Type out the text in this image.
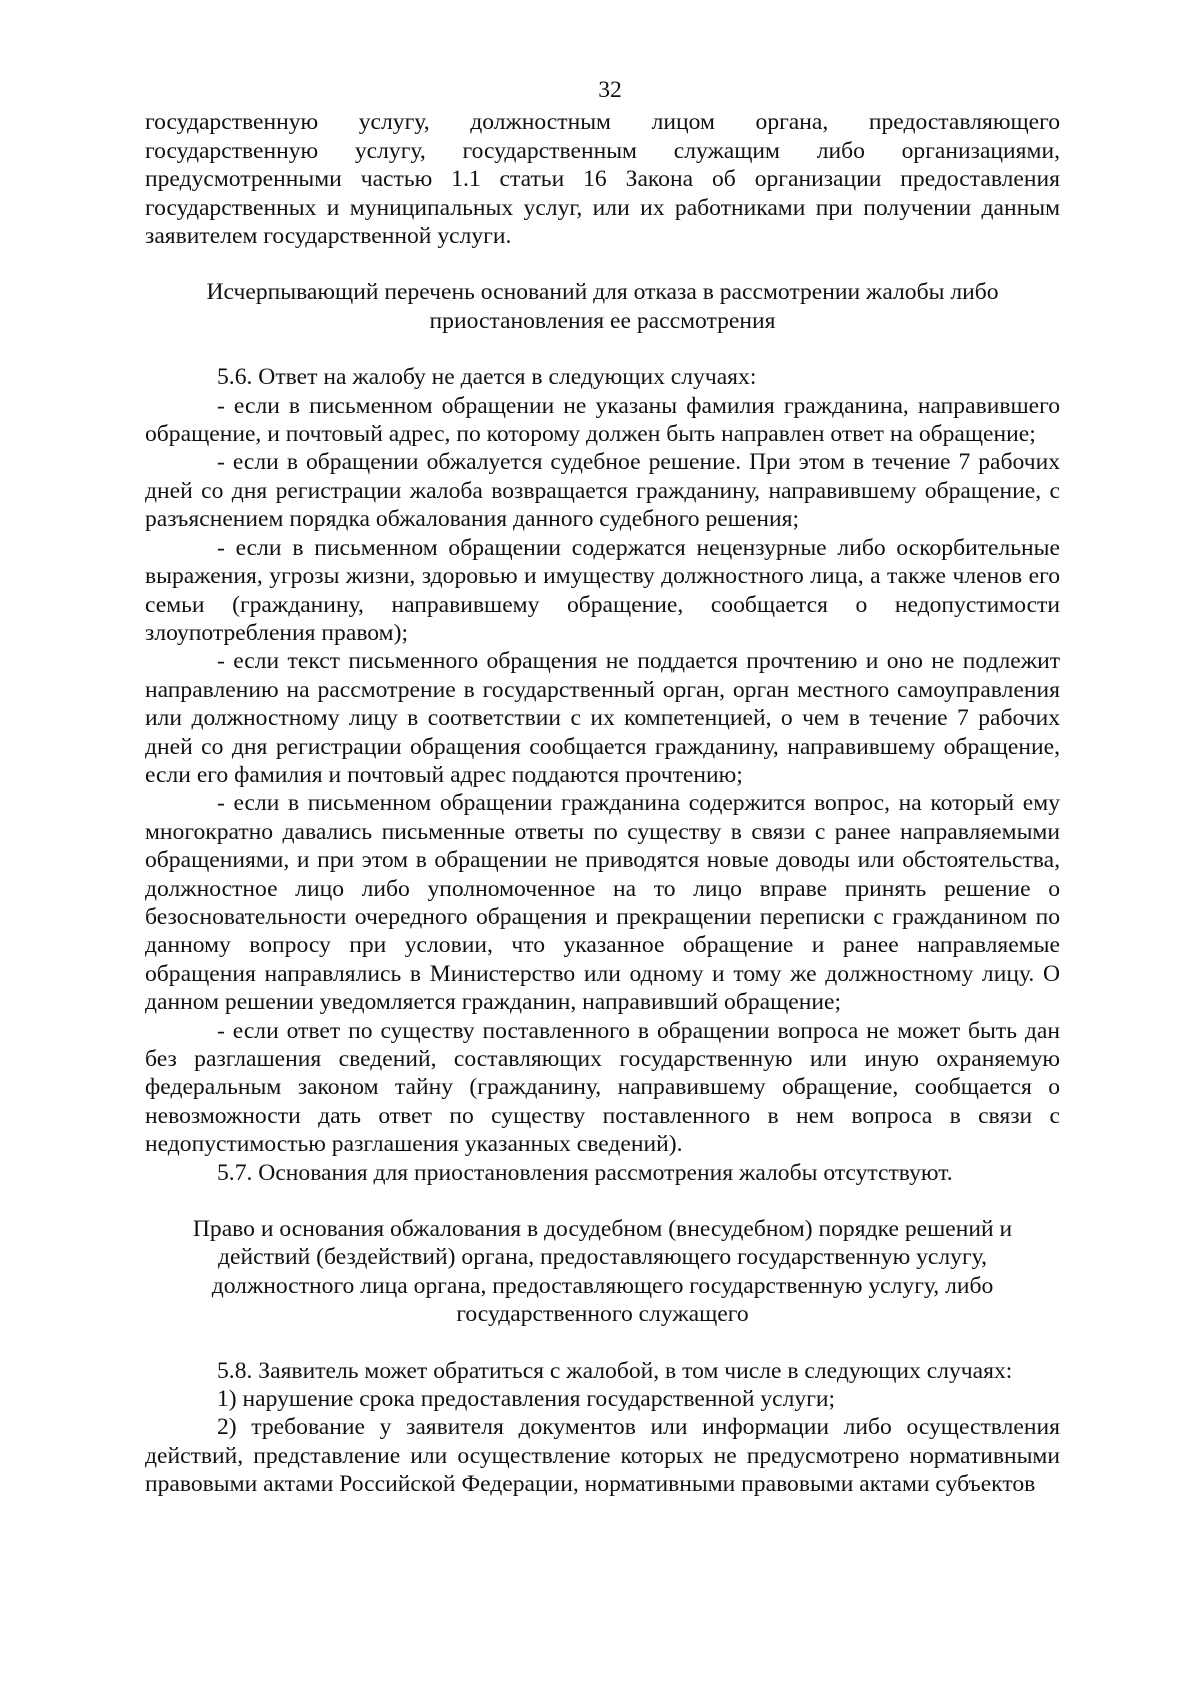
32

государственную услугу, должностным лицом органа, предоставляющего государственную услугу, государственным служащим либо организациями, предусмотренными частью 1.1 статьи 16 Закона об организации предоставления государственных и муниципальных услуг, или их работниками при получении данным заявителем государственной услуги.

Исчерпывающий перечень оснований для отказа в рассмотрении жалобы либо приостановления ее рассмотрения

5.6. Ответ на жалобу не дается в следующих случаях:

- если в письменном обращении не указаны фамилия гражданина, направившего обращение, и почтовый адрес, по которому должен быть направлен ответ на обращение;

- если в обращении обжалуется судебное решение. При этом в течение 7 рабочих дней со дня регистрации жалоба возвращается гражданину, направившему обращение, с разъяснением порядка обжалования данного судебного решения;

- если в письменном обращении содержатся нецензурные либо оскорбительные выражения, угрозы жизни, здоровью и имуществу должностного лица, а также членов его семьи (гражданину, направившему обращение, сообщается о недопустимости злоупотребления правом);

- если текст письменного обращения не поддается прочтению и оно не подлежит направлению на рассмотрение в государственный орган, орган местного самоуправления или должностному лицу в соответствии с их компетенцией, о чем в течение 7 рабочих дней со дня регистрации обращения сообщается гражданину, направившему обращение, если его фамилия и почтовый адрес поддаются прочтению;

- если в письменном обращении гражданина содержится вопрос, на который ему многократно давались письменные ответы по существу в связи с ранее направляемыми обращениями, и при этом в обращении не приводятся новые доводы или обстоятельства, должностное лицо либо уполномоченное на то лицо вправе принять решение о безосновательности очередного обращения и прекращении переписки с гражданином по данному вопросу при условии, что указанное обращение и ранее направляемые обращения направлялись в Министерство или одному и тому же должностному лицу. О данном решении уведомляется гражданин, направивший обращение;

- если ответ по существу поставленного в обращении вопроса не может быть дан без разглашения сведений, составляющих государственную или иную охраняемую федеральным законом тайну (гражданину, направившему обращение, сообщается о невозможности дать ответ по существу поставленного в нем вопроса в связи с недопустимостью разглашения указанных сведений).

5.7. Основания для приостановления рассмотрения жалобы отсутствуют.

Право и основания обжалования в досудебном (внесудебном) порядке решений и действий (бездействий) органа, предоставляющего государственную услугу, должностного лица органа, предоставляющего государственную услугу, либо государственного служащего

5.8. Заявитель может обратиться с жалобой, в том числе в следующих случаях:

1) нарушение срока предоставления государственной услуги;

2) требование у заявителя документов или информации либо осуществления действий, представление или осуществление которых не предусмотрено нормативными правовыми актами Российской Федерации, нормативными правовыми актами субъектов
